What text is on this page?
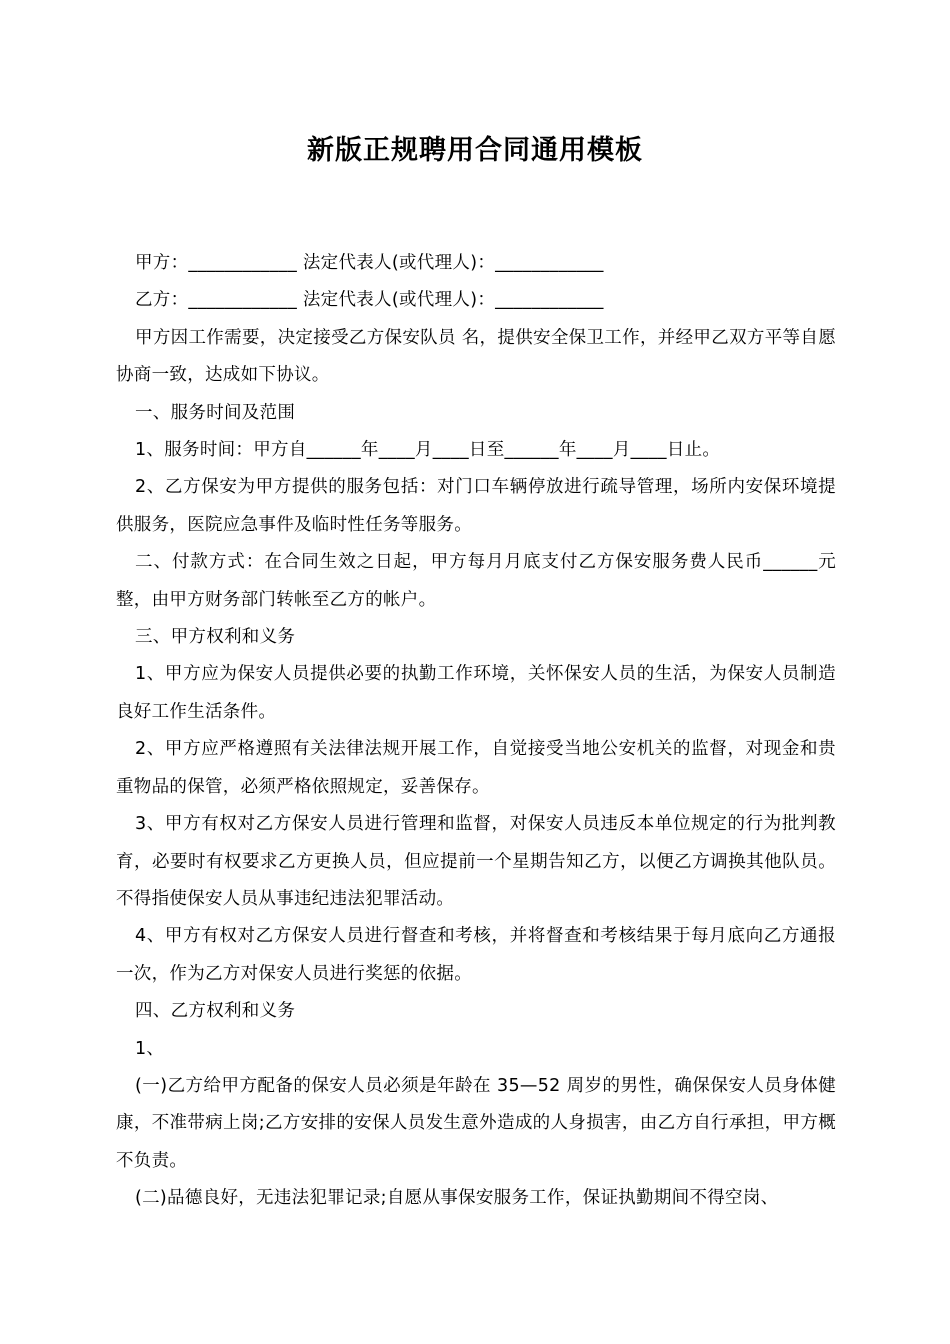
新版正规聘用合同通用模板

甲方：____________ 法定代表人(或代理人)：____________

乙方：____________ 法定代表人(或代理人)：____________

甲方因工作需要，决定接受乙方保安队员 名，提供安全保卫工作，并经甲乙双方平等自愿协商一致，达成如下协议。

一、服务时间及范围

1、服务时间：甲方自______年____月____日至______年____月____日止。

2、乙方保安为甲方提供的服务包括：对门口车辆停放进行疏导管理，场所内安保环境提供服务，医院应急事件及临时性任务等服务。

二、付款方式：在合同生效之日起，甲方每月月底支付乙方保安服务费人民币______元 整，由甲方财务部门转帐至乙方的帐户。

三、甲方权利和义务

1、甲方应为保安人员提供必要的执勤工作环境，关怀保安人员的生活，为保安人员制造良好工作生活条件。

2、甲方应严格遵照有关法律法规开展工作，自觉接受当地公安机关的监督，对现金和贵重物品的保管，必须严格依照规定，妥善保存。

3、甲方有权对乙方保安人员进行管理和监督，对保安人员违反本单位规定的行为批判教育，必要时有权要求乙方更换人员，但应提前一个星期告知乙方，以便乙方调换其他队员。不得指使保安人员从事违纪违法犯罪活动。

4、甲方有权对乙方保安人员进行督查和考核，并将督查和考核结果于每月底向乙方通报一次，作为乙方对保安人员进行奖惩的依据。

四、乙方权利和义务

1、

(一)乙方给甲方配备的保安人员必须是年龄在 35—52 周岁的男性，确保保安人员身体健康，不准带病上岗;乙方安排的安保人员发生意外造成的人身损害，由乙方自行承担，甲方概不负责。

(二)品德良好，无违法犯罪记录;自愿从事保安服务工作，保证执勤期间不得空岗、
